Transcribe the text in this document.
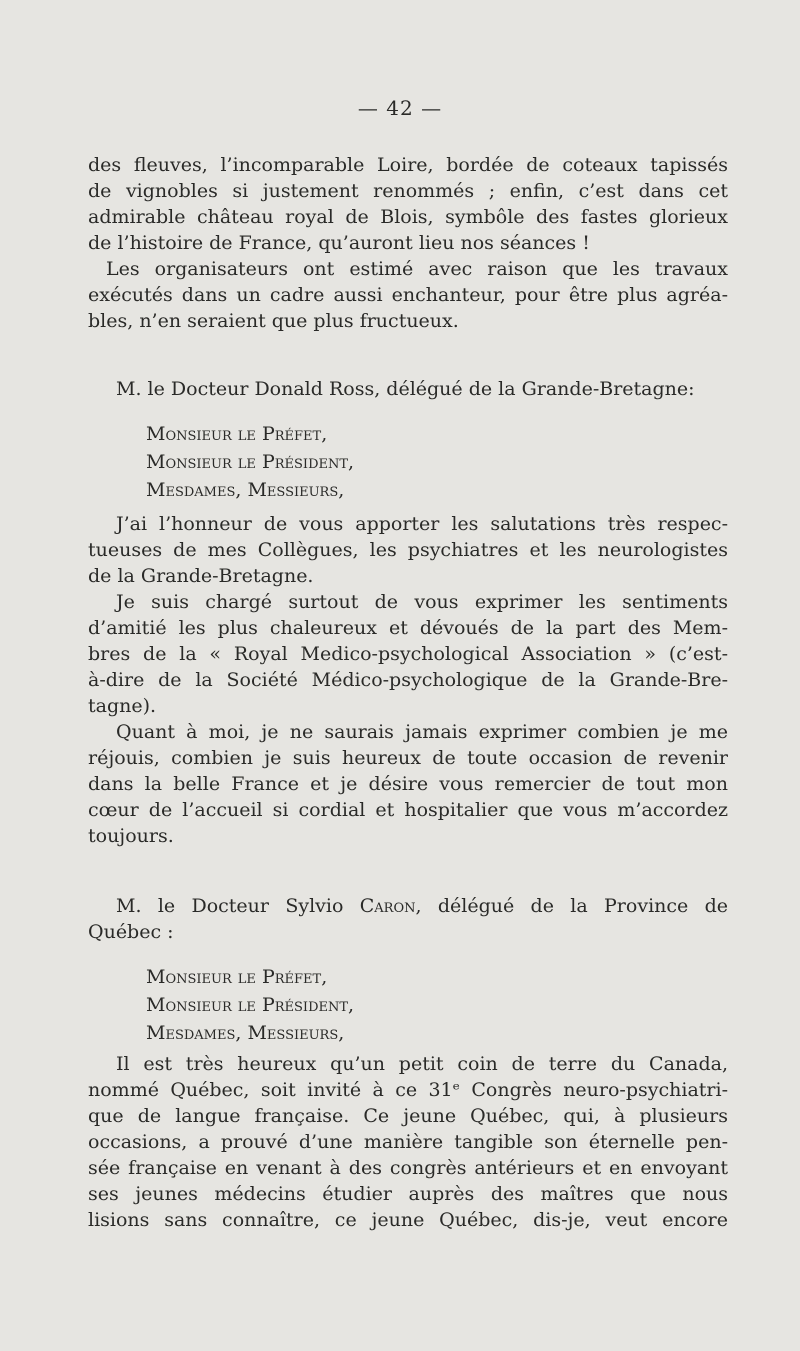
— 42 —
des fleuves, l’incomparable Loire, bordée de coteaux tapissés
de vignobles si justement renommés ; enfin, c’est dans cet
admirable château royal de Blois, symbôle des fastes glorieux
de l’histoire de France, qu’auront lieu nos séances !
Les organisateurs ont estimé avec raison que les travaux
exécutés dans un cadre aussi enchanteur, pour être plus agréa-
bles, n’en seraient que plus fructueux.
M. le Docteur Donald Ross, délégué de la Grande-Bretagne:
Monsieur le Préfet,
Monsieur le Président,
Mesdames, Messieurs,
J’ai l’honneur de vous apporter les salutations très respec-
tueuses de mes Collègues, les psychiatres et les neurologistes
de la Grande-Bretagne.
Je suis chargé surtout de vous exprimer les sentiments
d’amitié les plus chaleureux et dévoués de la part des Mem-
bres de la « Royal Medico-psychological Association » (c’est-
à-dire de la Société Médico-psychologique de la Grande-Bre-
tagne).
Quant à moi, je ne saurais jamais exprimer combien je me
réjouis, combien je suis heureux de toute occasion de revenir
dans la belle France et je désire vous remercier de tout mon
cœur de l’accueil si cordial et hospitalier que vous m’accordez
toujours.
M. le Docteur Sylvio Caron, délégué de la Province de
Québec :
Monsieur le Préfet,
Monsieur le Président,
Mesdames, Messieurs,
Il est très heureux qu’un petit coin de terre du Canada,
nommé Québec, soit invité à ce 31ᵉ Congrès neuro-psychiatri-
que de langue française. Ce jeune Québec, qui, à plusieurs
occasions, a prouvé d’une manière tangible son éternelle pen-
sée française en venant à des congrès antérieurs et en envoyant
ses jeunes médecins étudier auprès des maîtres que nous
lisions sans connaître, ce jeune Québec, dis-je, veut encore
